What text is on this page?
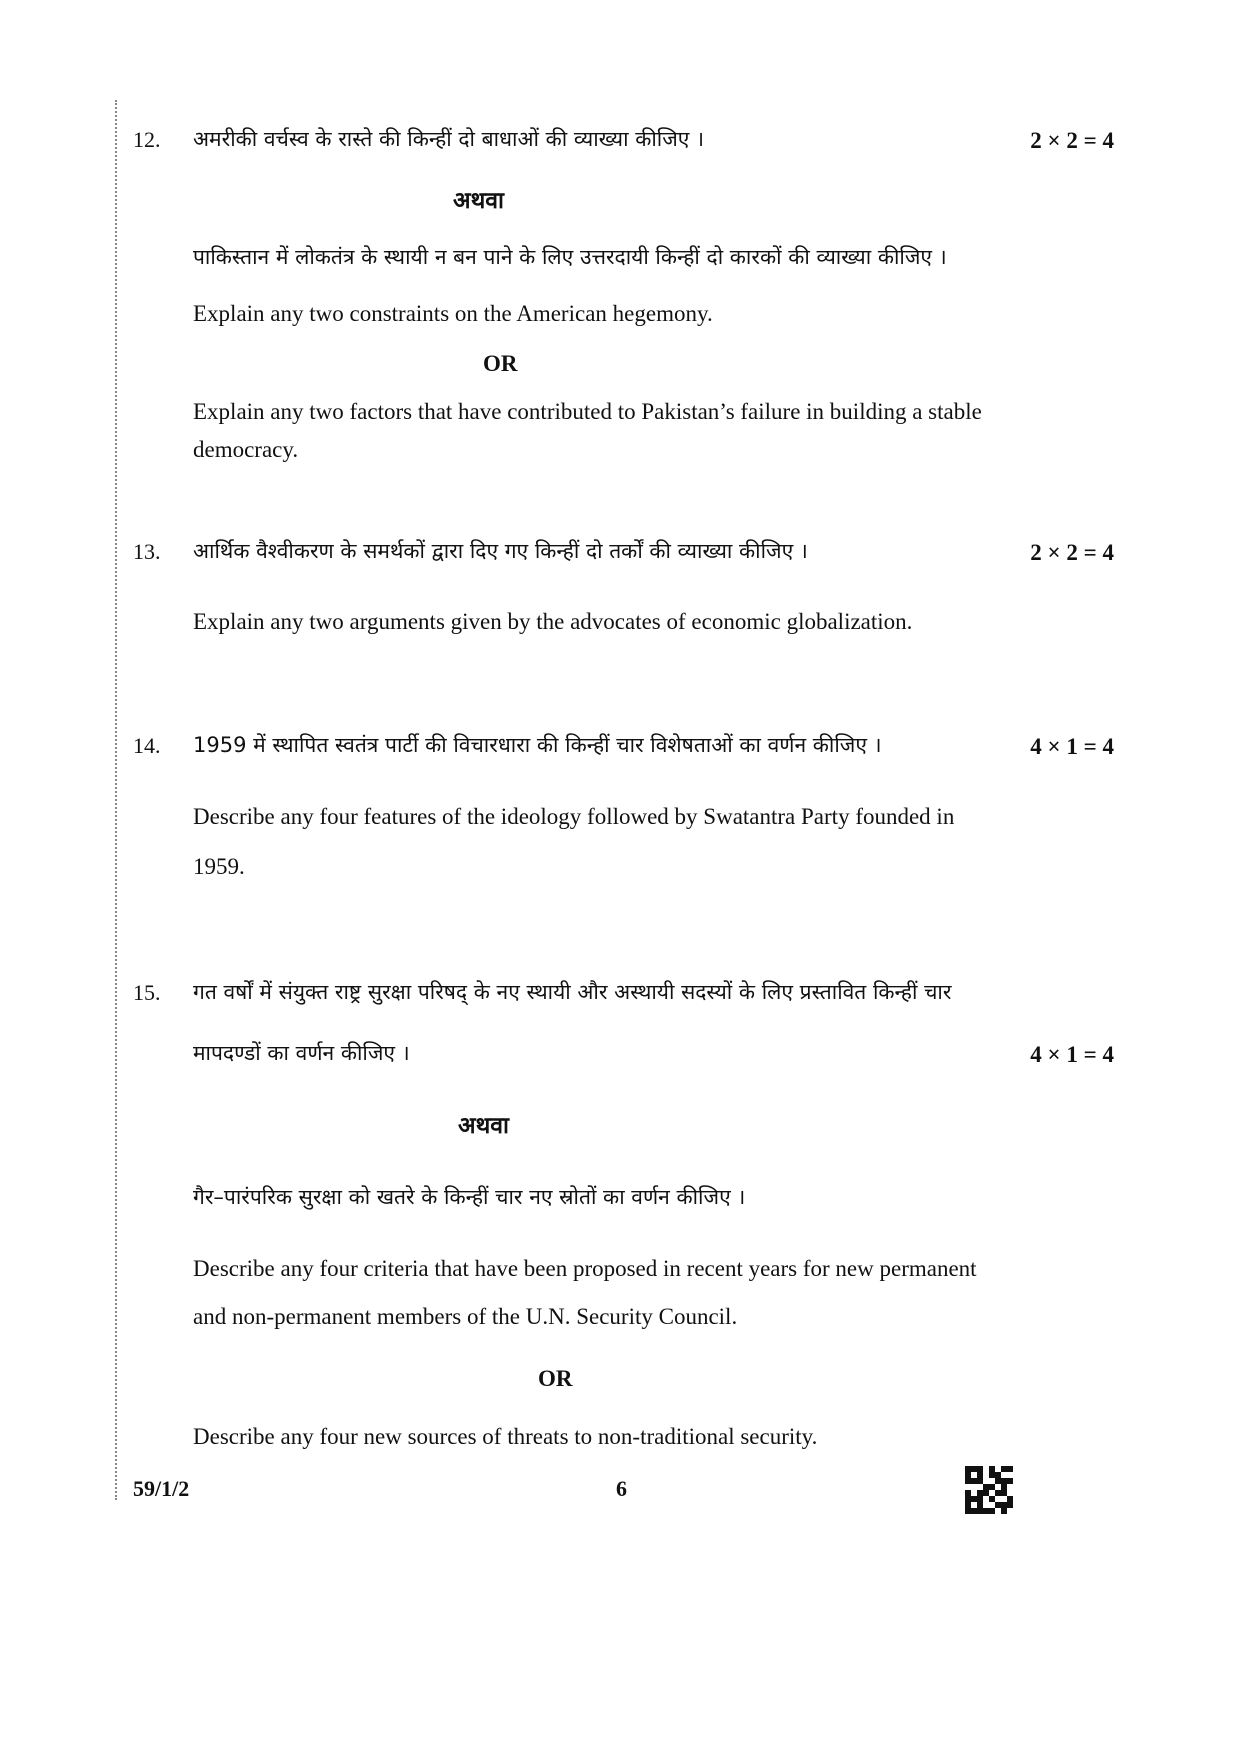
12. अमरीकी वर्चस्व के रास्ते की किन्हीं दो बाधाओं की व्याख्या कीजिए ।	2 × 2 = 4
अथवा
पाकिस्तान में लोकतंत्र के स्थायी न बन पाने के लिए उत्तरदायी किन्हीं दो कारकों की व्याख्या कीजिए ।
Explain any two constraints on the American hegemony.
OR
Explain any two factors that have contributed to Pakistan’s failure in building a stable
democracy.
13. आर्थिक वैश्वीकरण के समर्थकों द्वारा दिए गए किन्हीं दो तर्कों की व्याख्या कीजिए ।	2 × 2 = 4
Explain any two arguments given by the advocates of economic globalization.
14. 1959 में स्थापित स्वतंत्र पार्टी की विचारधारा की किन्हीं चार विशेषताओं का वर्णन कीजिए ।	4 × 1 = 4
Describe any four features of the ideology followed by Swatantra Party founded in
1959.
15. गत वर्षों में संयुक्त राष्ट्र सुरक्षा परिषद् के नए स्थायी और अस्थायी सदस्यों के लिए प्रस्तावित किन्हीं चार
मापदण्डों का वर्णन कीजिए ।	4 × 1 = 4
अथवा
गैर–पारंपरिक सुरक्षा को खतरे के किन्हीं चार नए स्रोतों का वर्णन कीजिए ।
Describe any four criteria that have been proposed in recent years for new permanent
and non-permanent members of the U.N. Security Council.
OR
Describe any four new sources of threats to non-traditional security.
59/1/2	6
